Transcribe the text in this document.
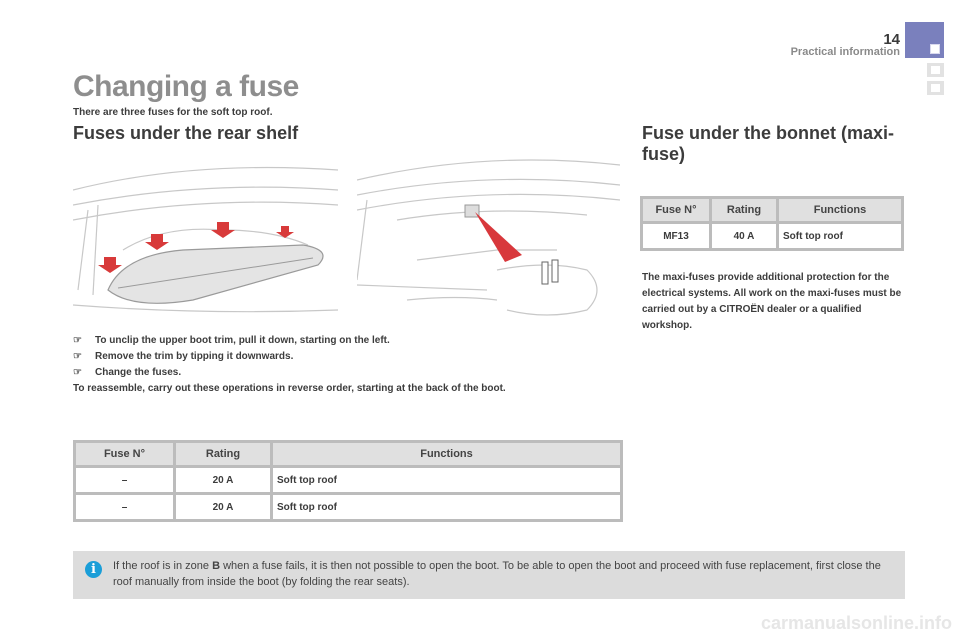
14
Practical information
Changing a fuse
There are three fuses for the soft top roof.
Fuses under the rear shelf
☞	To unclip the upper boot trim, pull it down, starting on the left.
☞	Remove the trim by tipping it downwards.
☞	Change the fuses.
To reassemble, carry out these operations in reverse order, starting at the back of the boot.
Fuse N°	Rating	Functions
–	20 A	Soft top roof
–	20 A	Soft top roof
Fuse under the bonnet (maxi-fuse)
Fuse N°	Rating	Functions
MF13	40 A	Soft top roof
The maxi-fuses provide additional protection for the electrical systems. All work on the maxi-fuses must be carried out by a CITROËN dealer or a qualified workshop.
i	If the roof is in zone B when a fuse fails, it is then not possible to open the boot. To be able to open the boot and proceed with fuse replacement, first close the roof manually from inside the boot (by folding the rear seats).
carmanualsonline.info
